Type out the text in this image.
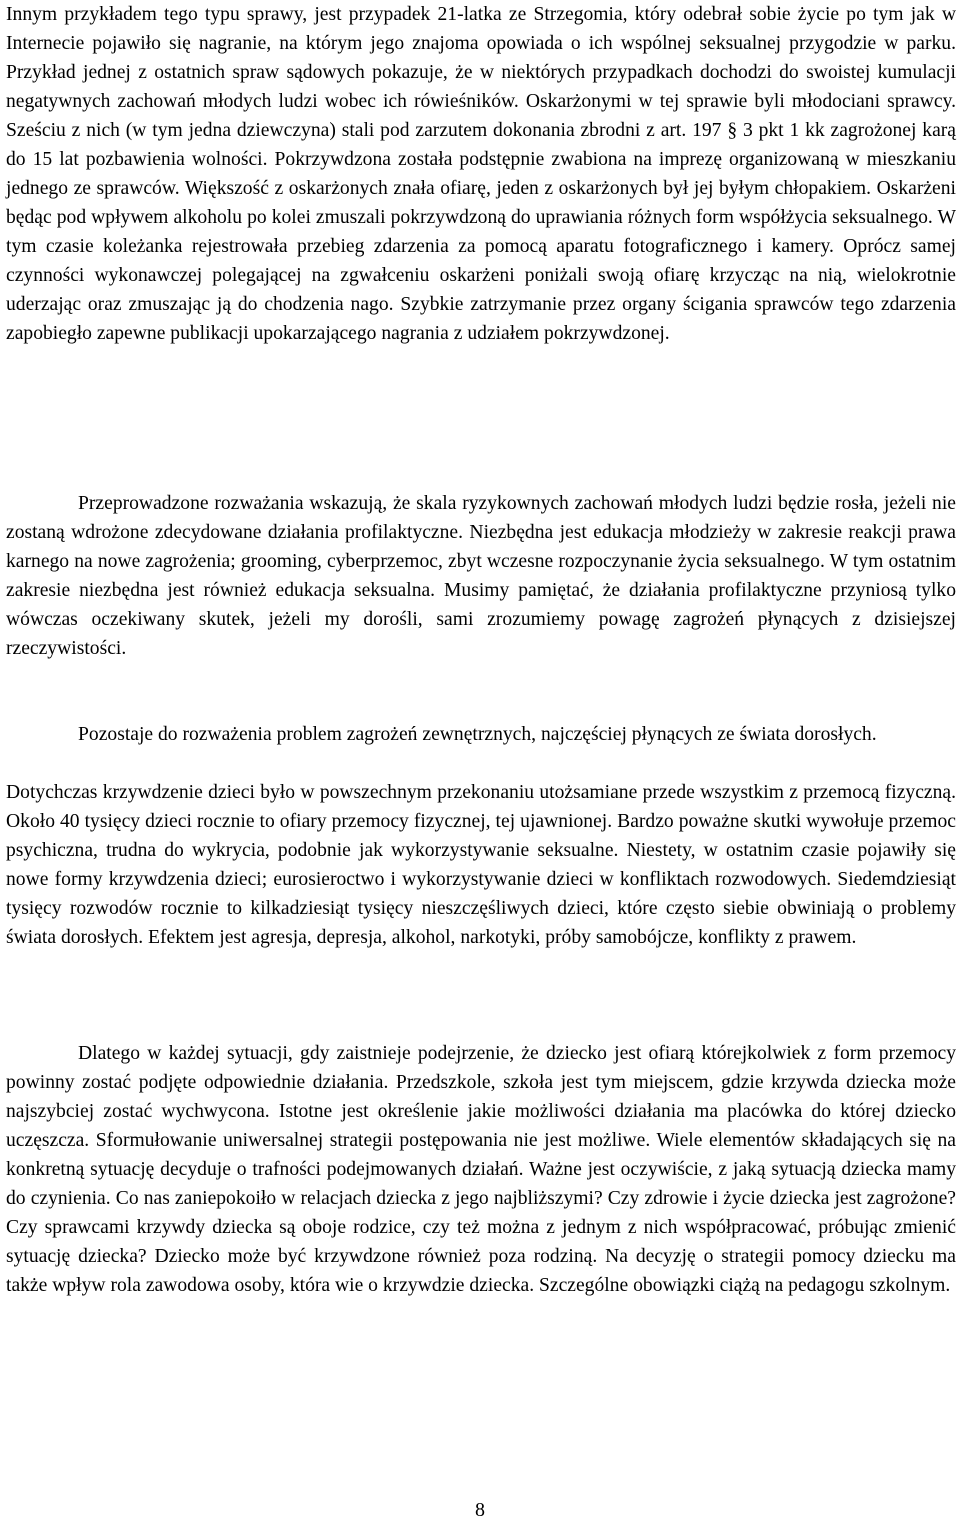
Innym przykładem tego typu sprawy, jest przypadek 21-latka ze Strzegomia, który odebrał sobie życie po tym jak w Internecie pojawiło się nagranie, na którym jego znajoma opowiada o ich wspólnej seksualnej przygodzie w parku. Przykład jednej z ostatnich spraw sądowych pokazuje, że w niektórych przypadkach dochodzi do swoistej kumulacji negatywnych zachowań młodych ludzi wobec ich rówieśników. Oskarżonymi w tej sprawie byli młodociani sprawcy. Sześciu z nich (w tym jedna dziewczyna) stali pod zarzutem dokonania zbrodni z art. 197 § 3 pkt 1 kk zagrożonej karą do 15 lat pozbawienia wolności. Pokrzywdzona została podstępnie zwabiona na imprezę organizowaną w mieszkaniu jednego ze sprawców. Większość z oskarżonych znała ofiarę, jeden z oskarżonych był jej byłym chłopakiem. Oskarżeni będąc pod wpływem alkoholu po kolei zmuszali pokrzywdzoną do uprawiania różnych form współżycia seksualnego. W tym czasie koleżanka rejestrowała przebieg zdarzenia za pomocą aparatu fotograficznego i kamery. Oprócz samej czynności wykonawczej polegającej na zgwałceniu oskarżeni poniżali swoją ofiarę krzycząc na nią, wielokrotnie uderzając oraz zmuszając ją do chodzenia nago. Szybkie zatrzymanie przez organy ścigania sprawców tego zdarzenia zapobiegło zapewne publikacji upokarzającego nagrania z udziałem pokrzywdzonej.

Przeprowadzone rozważania wskazują, że skala ryzykownych zachowań młodych ludzi będzie rosła, jeżeli nie zostaną wdrożone zdecydowane działania profilaktyczne. Niezbędna jest edukacja młodzieży w zakresie reakcji prawa karnego na nowe zagrożenia; grooming, cyberprzemoc, zbyt wczesne rozpoczynanie życia seksualnego. W tym ostatnim zakresie niezbędna jest również edukacja seksualna. Musimy pamiętać, że działania profilaktyczne przyniosą tylko wówczas oczekiwany skutek, jeżeli my dorośli, sami zrozumiemy powagę zagrożeń płynących z dzisiejszej rzeczywistości.

Pozostaje do rozważenia problem zagrożeń zewnętrznych, najczęściej płynących ze świata dorosłych.

Dotychczas krzywdzenie dzieci było w powszechnym przekonaniu utożsamiane przede wszystkim z przemocą fizyczną. Około 40 tysięcy dzieci rocznie to ofiary przemocy fizycznej, tej ujawnionej. Bardzo poważne skutki wywołuje przemoc psychiczna, trudna do wykrycia, podobnie jak wykorzystywanie seksualne. Niestety, w ostatnim czasie pojawiły się nowe formy krzywdzenia dzieci; eurosieroctwo i wykorzystywanie dzieci w konfliktach rozwodowych. Siedemdziesiąt tysięcy rozwodów rocznie to kilkadziesiąt tysięcy nieszczęśliwych dzieci, które często siebie obwiniają o problemy świata dorosłych. Efektem jest agresja, depresja, alkohol, narkotyki, próby samobójcze, konflikty z prawem.

Dlatego w każdej sytuacji, gdy zaistnieje podejrzenie, że dziecko jest ofiarą którejkolwiek z form przemocy powinny zostać podjęte odpowiednie działania. Przedszkole, szkoła jest tym miejscem, gdzie krzywda dziecka może najszybciej zostać wychwycona. Istotne jest określenie jakie możliwości działania ma placówka do której dziecko uczęszcza. Sformułowanie uniwersalnej strategii postępowania nie jest możliwe. Wiele elementów składających się na konkretną sytuację decyduje o trafności podejmowanych działań. Ważne jest oczywiście, z jaką sytuacją dziecka mamy do czynienia. Co nas zaniepokoiło w relacjach dziecka z jego najbliższymi? Czy zdrowie i życie dziecka jest zagrożone? Czy sprawcami krzywdy dziecka są oboje rodzice, czy też można z jednym z nich współpracować, próbując zmienić sytuację dziecka? Dziecko może być krzywdzone również poza rodziną. Na decyzję o strategii pomocy dziecku ma także wpływ rola zawodowa osoby, która wie o krzywdzie dziecka. Szczególne obowiązki ciążą na pedagogu szkolnym.

8
